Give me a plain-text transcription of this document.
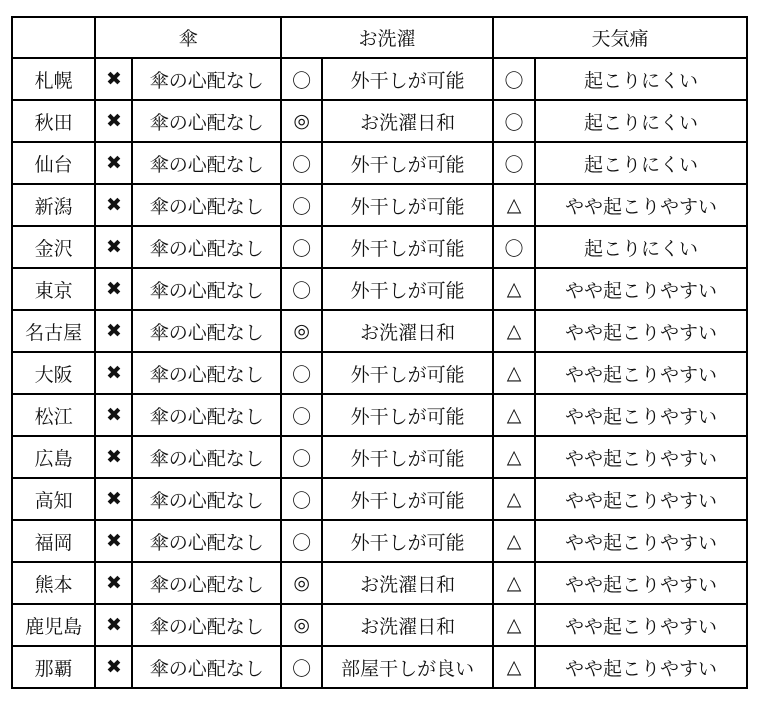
	傘		お洗濯		天気痛	
札幌	✖	傘の心配なし	〇	外干しが可能	〇	起こりにくい
秋田	✖	傘の心配なし	◎	お洗濯日和	〇	起こりにくい
仙台	✖	傘の心配なし	〇	外干しが可能	〇	起こりにくい
新潟	✖	傘の心配なし	〇	外干しが可能	△	やや起こりやすい
金沢	✖	傘の心配なし	〇	外干しが可能	〇	起こりにくい
東京	✖	傘の心配なし	〇	外干しが可能	△	やや起こりやすい
名古屋	✖	傘の心配なし	◎	お洗濯日和	△	やや起こりやすい
大阪	✖	傘の心配なし	〇	外干しが可能	△	やや起こりやすい
松江	✖	傘の心配なし	〇	外干しが可能	△	やや起こりやすい
広島	✖	傘の心配なし	〇	外干しが可能	△	やや起こりやすい
高知	✖	傘の心配なし	〇	外干しが可能	△	やや起こりやすい
福岡	✖	傘の心配なし	〇	外干しが可能	△	やや起こりやすい
熊本	✖	傘の心配なし	◎	お洗濯日和	△	やや起こりやすい
鹿児島	✖	傘の心配なし	◎	お洗濯日和	△	やや起こりやすい
那覇	✖	傘の心配なし	〇	部屋干しが良い	△	やや起こりやすい
